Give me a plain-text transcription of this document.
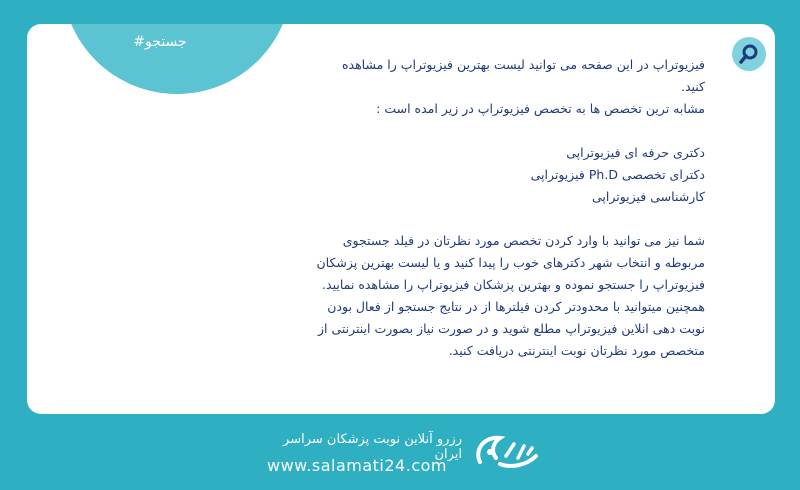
#جستجو

فیزیوتراپ در این صفحه می توانید لیست بهترین فیزیوتراپ را مشاهده کنید.

مشابه ترین تخصص ها به تخصص فیزیوتراپ در زیر امده است :

دکتری حرفه ای فیزیوتراپی

دکترای تخصصی Ph.D فیزیوتراپی

کارشناسی فیزیوتراپی

شما نیز می توانید با وارد کردن تخصص مورد نظرتان در فیلد جستجوی مربوطه و انتخاب شهر دکترهای خوب را پیدا کنید و یا لیست بهترین پزشکان فیزیوتراپ را جستجو نموده و بهترین پزشکان فیزیوتراپ را مشاهده نمایید.

همچنین میتوانید با محدودتر کردن فیلترها از در نتایج جستجو از فعال بودن نوبت دهی انلاین فیزیوتراپ مطلع شوید و در صورت نیاز بصورت اینترنتی از متخصص مورد نظرتان نوبت اینترنتی دریافت کنید.

رزرو آنلاین نوبت پزشکان سراسر ایران
www.salamati24.com
